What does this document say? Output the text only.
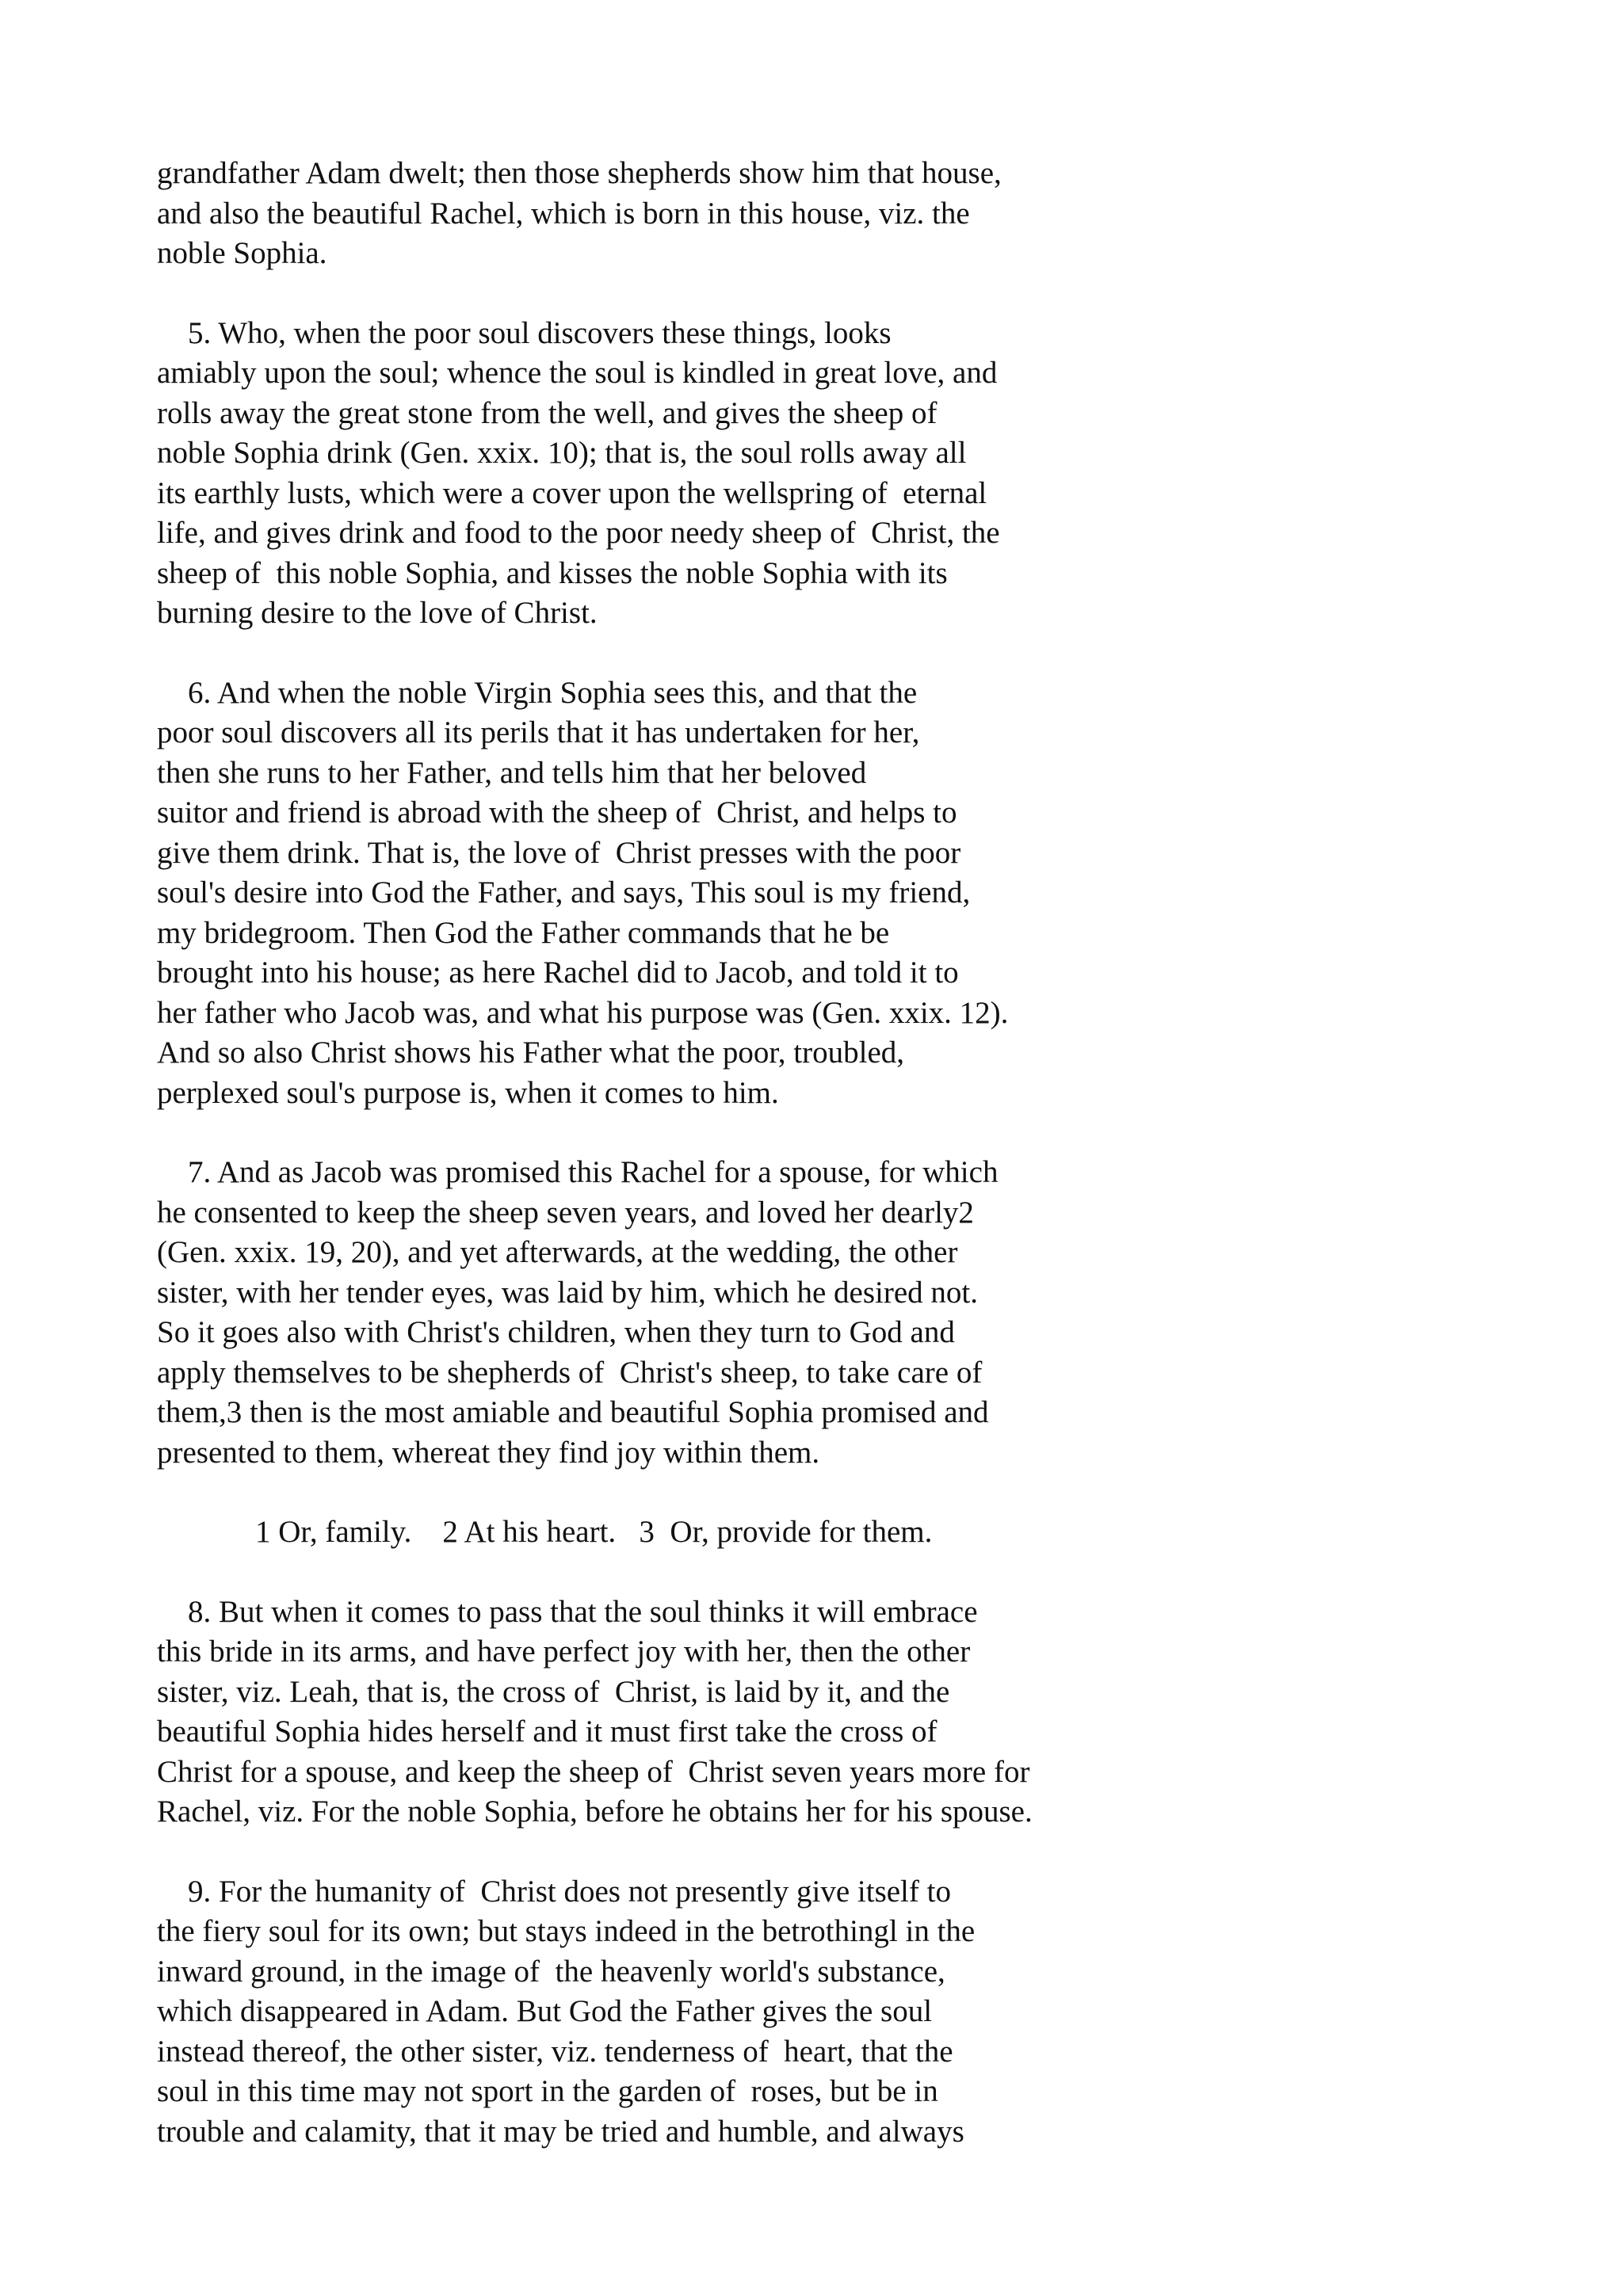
grandfather Adam dwelt; then those shepherds show him that house,
and also the beautiful Rachel, which is born in this house, viz. the
noble Sophia.
5. Who, when the poor soul discovers these things, looks
amiably upon the soul; whence the soul is kindled in great love, and
rolls away the great stone from the well, and gives the sheep of
noble Sophia drink (Gen. xxix. 10); that is, the soul rolls away all
its earthly lusts, which were a cover upon the wellspring of  eternal
life, and gives drink and food to the poor needy sheep of  Christ, the
sheep of  this noble Sophia, and kisses the noble Sophia with its
burning desire to the love of Christ.
6. And when the noble Virgin Sophia sees this, and that the
poor soul discovers all its perils that it has undertaken for her,
then she runs to her Father, and tells him that her beloved
suitor and friend is abroad with the sheep of  Christ, and helps to
give them drink. That is, the love of  Christ presses with the poor
soul's desire into God the Father, and says, This soul is my friend,
my bridegroom. Then God the Father commands that he be
brought into his house; as here Rachel did to Jacob, and told it to
her father who Jacob was, and what his purpose was (Gen. xxix. 12).
And so also Christ shows his Father what the poor, troubled,
perplexed soul's purpose is, when it comes to him.
7. And as Jacob was promised this Rachel for a spouse, for which
he consented to keep the sheep seven years, and loved her dearly2
(Gen. xxix. 19, 20), and yet afterwards, at the wedding, the other
sister, with her tender eyes, was laid by him, which he desired not.
So it goes also with Christ's children, when they turn to God and
apply themselves to be shepherds of  Christ's sheep, to take care of
them,3 then is the most amiable and beautiful Sophia promised and
presented to them, whereat they find joy within them.
1 Or, family.    2 At his heart.   3  Or, provide for them.
8. But when it comes to pass that the soul thinks it will embrace
this bride in its arms, and have perfect joy with her, then the other
sister, viz. Leah, that is, the cross of  Christ, is laid by it, and the
beautiful Sophia hides herself and it must first take the cross of
Christ for a spouse, and keep the sheep of  Christ seven years more for
Rachel, viz. For the noble Sophia, before he obtains her for his spouse.
9. For the humanity of  Christ does not presently give itself to
the fiery soul for its own; but stays indeed in the betrothingl in the
inward ground, in the image of  the heavenly world's substance,
which disappeared in Adam. But God the Father gives the soul
instead thereof, the other sister, viz. tenderness of  heart, that the
soul in this time may not sport in the garden of  roses, but be in
trouble and calamity, that it may be tried and humble, and always
